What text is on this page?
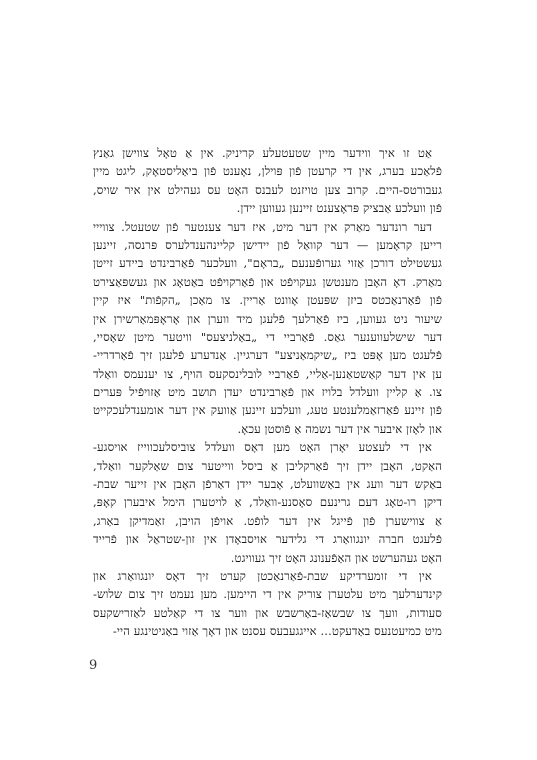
אַט זו איך ווידער מיין שטעטעלע קריניק. אין אַ טאָל צווישן גאַנץ
פֿלאַכע בערג, אין די קרעטן פֿון פּוילן, נאָענט פֿון ביאַליסטאָק, ליגט מיין
געבורטס-היים. קרוב צען טויזנט לעבנס האָט עס געהילט אין איר שויס,
פֿון וועלכע אַבציק פּראָצענט זיינען געווען יידן.
דער רונדער מאַרק אין דער מיט, איז דער צענטער פֿון שטעטל. צווייי
רייען קראָמען — דער קוואַל פֿון יידישן קליינהענדלערס פּרנסה, זיינען
געשטילט דורכן אַזוי גערופֿענעם „בראָם", וועלכער פֿאַרבינדט ביידע זייטן
מאַרק. דאָ האָבן מענטשן געקויפֿט און פֿאַרקויפֿט באַטאָג און געשפּאַצירט
פֿון פֿאַרנאַכטס ביזן שפּעטן אָוונט אַריין. צו מאַכן „הקפֿות" איז קיין
שיעור ניט געווען, ביז פֿאַרלעך פֿלעגן מיד ווערן און אָראָפּמאַרשירן אין
דער שישלעווענער גאַס. פֿאַרביי די „באַלניצעס" וויטער מיטן שאָסיי,
פֿלעגט מען אָפּט ביז „שיקמאַניצע" דערגיין. אַנדערע פֿלעגן זיך פֿאַרדריי-
ען אין דער קאַשטאַנען-אַליי, פֿאַרביי לובלינסקעס הויף, צו יענעמס וואַלד
צו. אַ קליין וועלדל בלויז און פֿאַרבינדט יעדן תושב מיט אַזויפֿיל פּערים
פֿון זיינע פֿאַרזאַמלענטע טעג, וועלכע זיינען אַוועק אין דער אומענדלעכקייט
און לאָזן איבער אין דער נשמה אַ פֿוסטן עכאָ.
אין די לעצטע יאָרן האָט מען דאָס וועלדל צוביסלעכווייז אויסגע-
האַקט, האָבן יידן זיך פֿאַרקליבן אַ ביסל ווייטער צום שאַלקער וואַלד,
באַקש דער וועג אין באַשוועלט, אָבער יידן דאַרפֿן האָבן אין זייער שבת-
דיקן רו-טאָג דעם גרינעם סאָסנע-וואַלד, אַ לויטערן הימל איבערן קאָפּ,
אַ צווישערן פֿון פֿייגל אין דער לופֿט. אויפֿן הויבן, זאַמדיקן באַרג,
פֿלעגט חברה יונגוואַרג די גלידער אויסבאָדן אין זון-שטראַל און פֿרייד
האָט געהערשט און האַפֿענונג האָט זיך געוויגט.
אין די זומערדיקע שבת-פֿאַרנאַכטן קערט זיך דאָס יונגוואַרג און
קינדערלעך מיט עלטערן צוריק אין די היימען. מען נעמט זיך צום שלוש-
סעודות, וועך צו שבשאַז-באַרשבש און ווער צו די קאַלטע לאַזרישקעס
מיט כמיעטנעס באַדעקט... אייגגעבעס עסנט און דאָך אַזוי באַגיטינגע היי-
9
